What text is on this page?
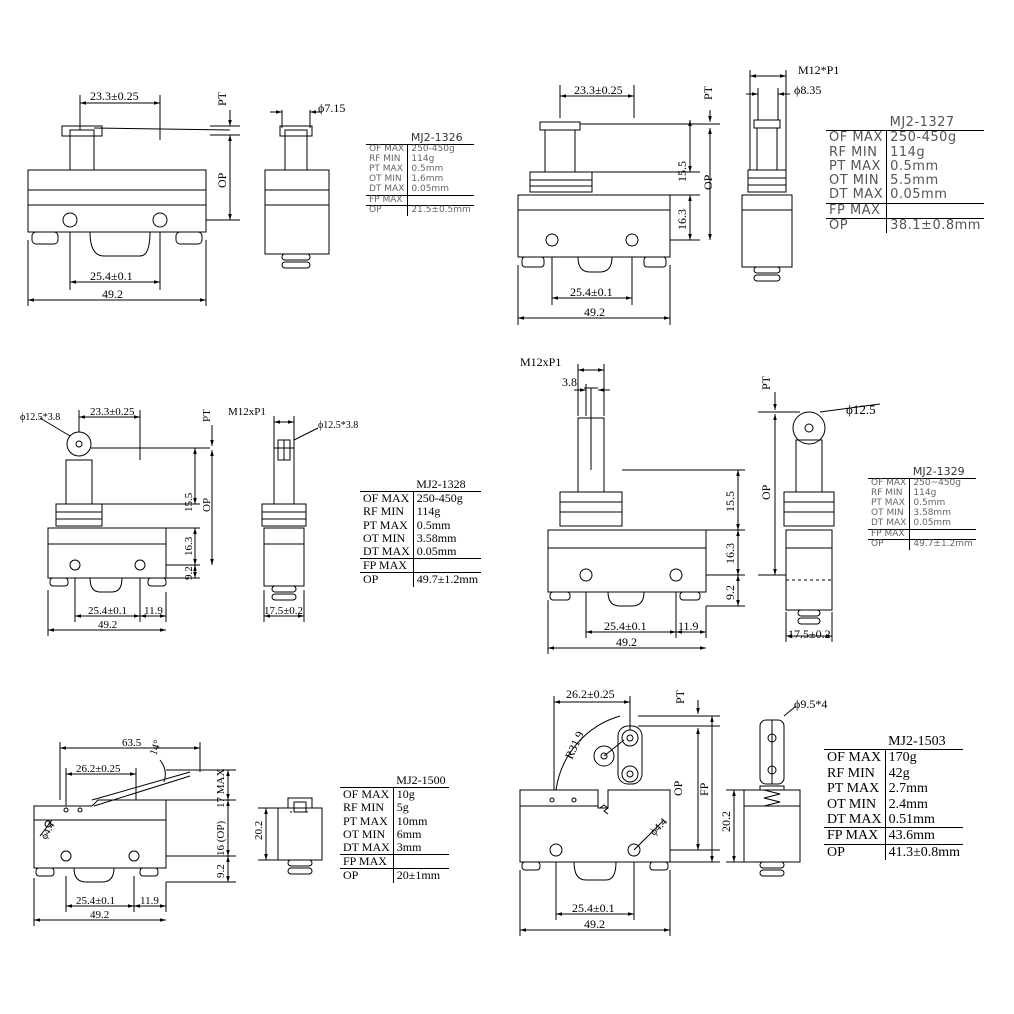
23.3±0.25	PT
OP
ϕ7.15
25.4±0.1
49.2
23.3±0.25	PT
OP
15.5
16.3
M12*P1
ϕ8.35
25.4±0.1
49.2
ϕ12.5*3.8	23.3±0.25	PT
OP
15.5
16.3
9.2
M12xP1
ϕ12.5*3.8
25.4±0.1 11.9
49.2
17.5±0.2
M12xP1
3.8	PT
OP
ϕ12.5
15.5
16.3
9.2
25.4±0.1	11.9
49.2
17.5±0.2
63.5
26.2±0.25
14°
17 MAX
16 (OP)
9.2
ϕ4.4
25.4±0.1 11.9
49.2
20.2
26.2±0.25	PT
R31.9
OP FP
ϕ4.4
ϕ9.5*4
20.2
25.4±0.1
49.2
	MJ2-1326
OF MAX	250-450g
RF MIN	114g
PT MAX	0.5mm
OT MIN	1.6mm
DT MAX	0.05mm
FP MAX	
OP	21.5±0.5mm
	MJ2-1327
OF MAX	250-450g
RF MIN	114g
PT MAX	0.5mm
OT MIN	5.5mm
DT MAX	0.05mm
FP MAX	
OP	38.1±0.8mm
	MJ2-1328
OF MAX	250-450g
RF MIN	114g
PT MAX	0.5mm
OT MIN	3.58mm
DT MAX	0.05mm
FP MAX	
OP	49.7±1.2mm
	MJ2-1329
OF MAX	250~450g
RF MIN	114g
PT MAX	0.5mm
OT MIN	3.58mm
DT MAX	0.05mm
FP MAX	
OP	49.7±1.2mm
	MJ2-1500
OF MAX	10g
RF MIN	5g
PT MAX	10mm
OT MIN	6mm
DT MAX	3mm
FP MAX	
OP	20±1mm
	MJ2-1503
OF MAX	170g
RF MIN	42g
PT MAX	2.7mm
OT MIN	2.4mm
DT MAX	0.51mm
FP MAX	43.6mm
OP	41.3±0.8mm
